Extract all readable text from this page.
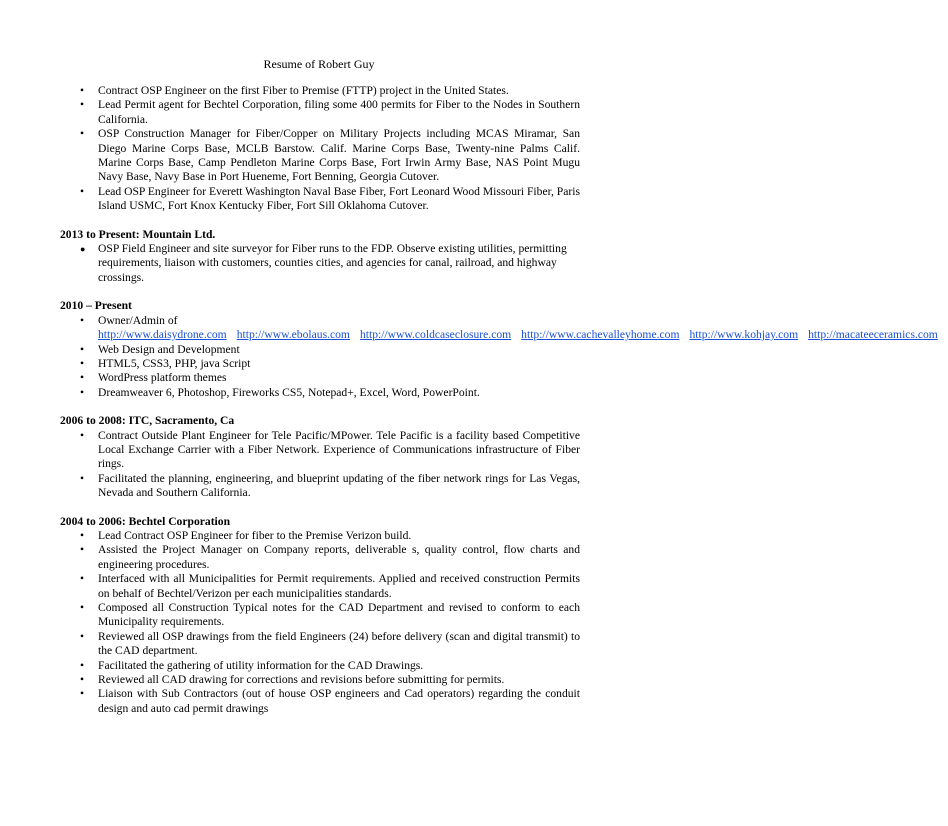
Resume of Robert Guy
•	Contract OSP Engineer on the first Fiber to Premise (FTTP) project in the United States.
•	Lead Permit agent for Bechtel Corporation, filing some 400 permits for Fiber to the Nodes in Southern California.
•	OSP Construction Manager for Fiber/Copper on Military Projects including MCAS Miramar, San Diego Marine Corps Base, MCLB Barstow. Calif. Marine Corps Base, Twenty-nine Palms Calif. Marine Corps Base, Camp Pendleton Marine Corps Base, Fort Irwin Army Base, NAS Point Mugu Navy Base, Navy Base in Port Hueneme, Fort Benning, Georgia Cutover.
•	Lead OSP Engineer for Everett Washington Naval Base Fiber, Fort Leonard Wood Missouri Fiber, Paris Island USMC, Fort Knox Kentucky Fiber, Fort Sill Oklahoma Cutover.
2013 to Present: Mountain Ltd.
●	OSP Field Engineer and site surveyor for Fiber runs to the FDP. Observe existing utilities, permitting requirements, liaison with customers, counties cities, and agencies for canal, railroad, and highway crossings.
2010 – Present
•	Owner/Admin of http://www.daisydrone.com http://www.ebolaus.com http://www.coldcaseclosure.com http://www.cachevalleyhome.com http://www.kohjay.com http://macateeceramics.com
•	Web Design and Development
•	HTML5, CSS3, PHP, java Script
•	WordPress platform themes
•	Dreamweaver 6, Photoshop, Fireworks CS5, Notepad+, Excel, Word, PowerPoint.
2006 to 2008: ITC, Sacramento, Ca
•	Contract Outside Plant Engineer for Tele Pacific/MPower. Tele Pacific is a facility based Competitive Local Exchange Carrier with a Fiber Network. Experience of Communications infrastructure of Fiber rings.
•	Facilitated the planning, engineering, and blueprint updating of the fiber network rings for Las Vegas, Nevada and Southern California.
2004 to 2006: Bechtel Corporation
•	Lead Contract OSP Engineer for fiber to the Premise Verizon build.
•	Assisted the Project Manager on Company reports, deliverable s, quality control, flow charts and engineering procedures.
•	Interfaced with all Municipalities for Permit requirements. Applied and received construction Permits on behalf of Bechtel/Verizon per each municipalities standards.
•	Composed all Construction Typical notes for the CAD Department and revised to conform to each Municipality requirements.
•	Reviewed all OSP drawings from the field Engineers (24) before delivery (scan and digital transmit) to the CAD department.
•	Facilitated the gathering of utility information for the CAD Drawings.
•	Reviewed all CAD drawing for corrections and revisions before submitting for permits.
•	Liaison with Sub Contractors (out of house OSP engineers and Cad operators) regarding the conduit design and auto cad permit drawings
